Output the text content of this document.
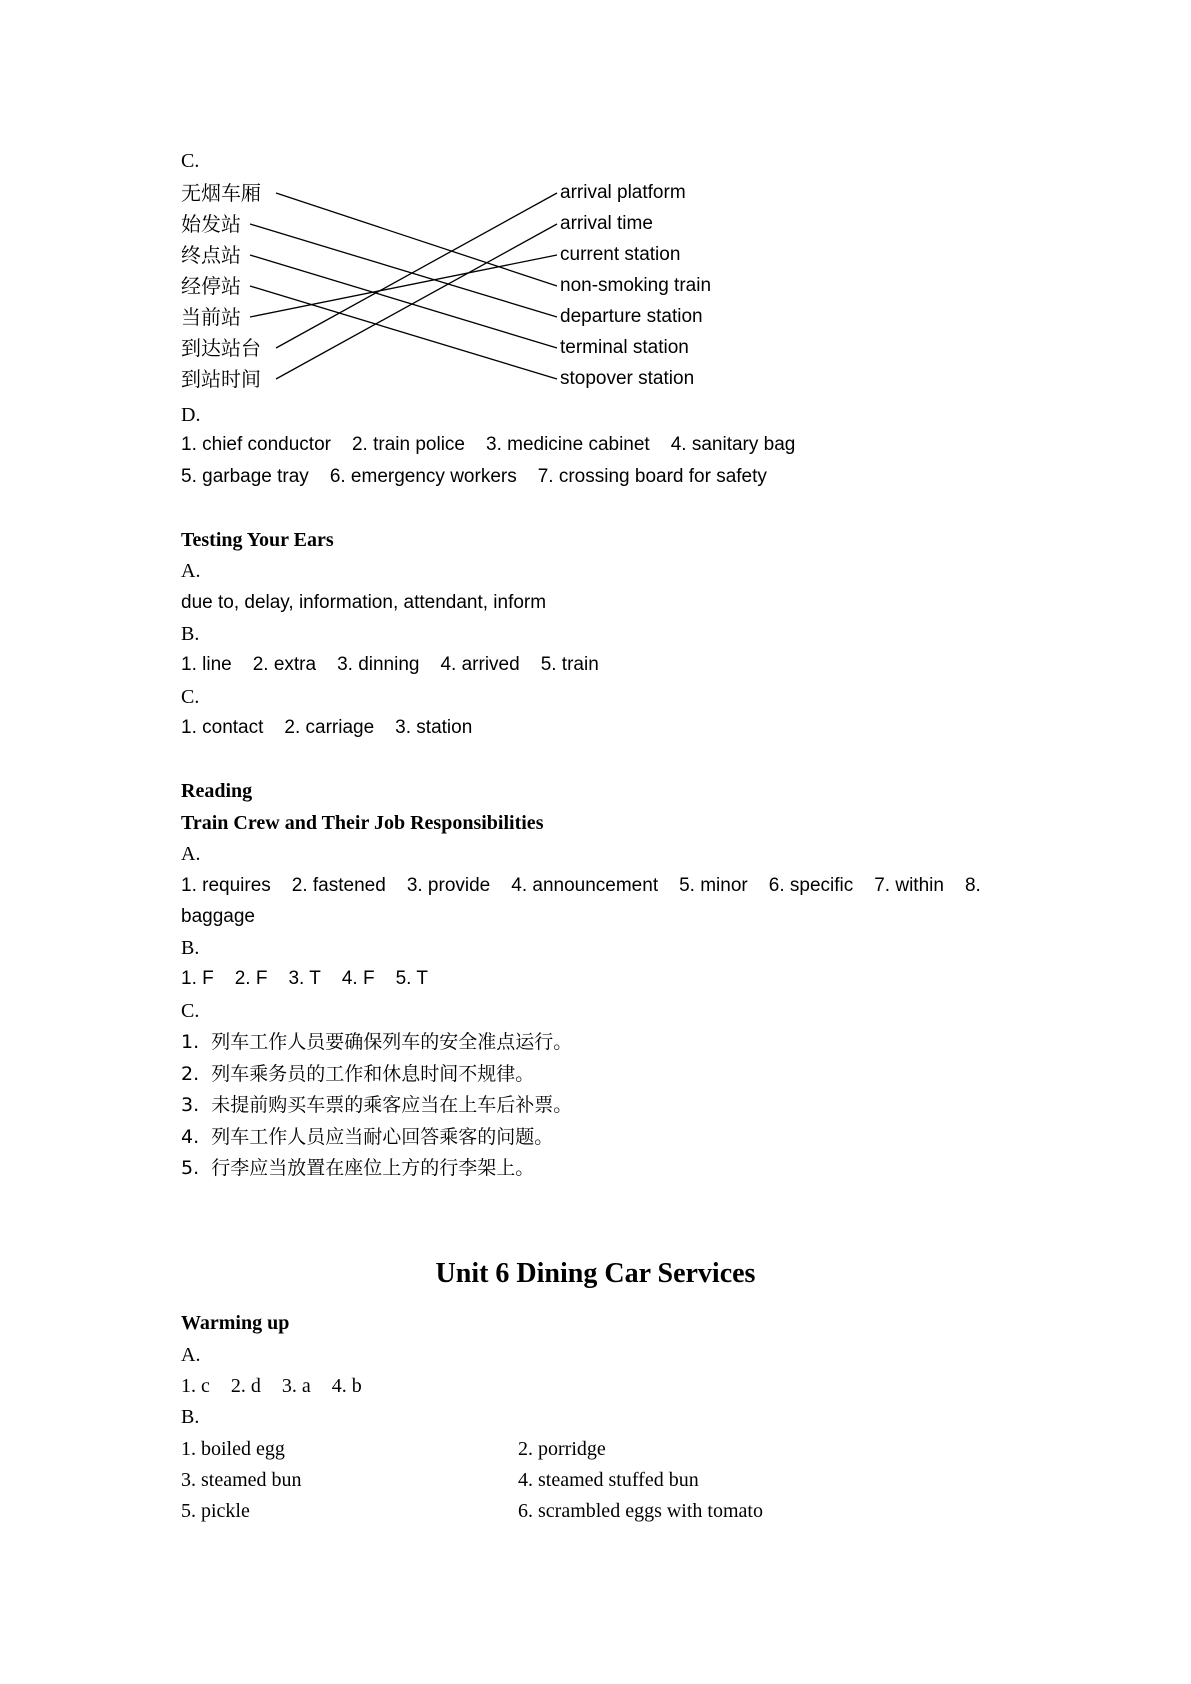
C.
无烟车厢
始发站
终点站
经停站
当前站
到达站台
到站时间
arrival platform
arrival time
current station
non-smoking train
departure station
terminal station
stopover station
D.
1. chief conductor 2. train police 3. medicine cabinet 4. sanitary bag
5. garbage tray 6. emergency workers 7. crossing board for safety
Testing Your Ears
A.
due to, delay, information, attendant, inform
B.
1. line 2. extra 3. dinning 4. arrived 5. train
C.
1. contact 2. carriage 3. station
Reading
Train Crew and Their Job Responsibilities
A.
1. requires 2. fastened 3. provide 4. announcement 5. minor 6. specific 7. within 8.
baggage
B.
1. F 2. F 3. T 4. F 5. T
C.
1.  列车工作人员要确保列车的安全准点运行。
2.  列车乘务员的工作和休息时间不规律。
3.  未提前购买车票的乘客应当在上车后补票。
4.  列车工作人员应当耐心回答乘客的问题。
5.  行李应当放置在座位上方的行李架上。
Unit 6 Dining Car Services
Warming up
A.
1. c 2. d 3. a 4. b
B.
1. boiled egg
3. steamed bun
5. pickle
2. porridge
4. steamed stuffed bun
6. scrambled eggs with tomato
